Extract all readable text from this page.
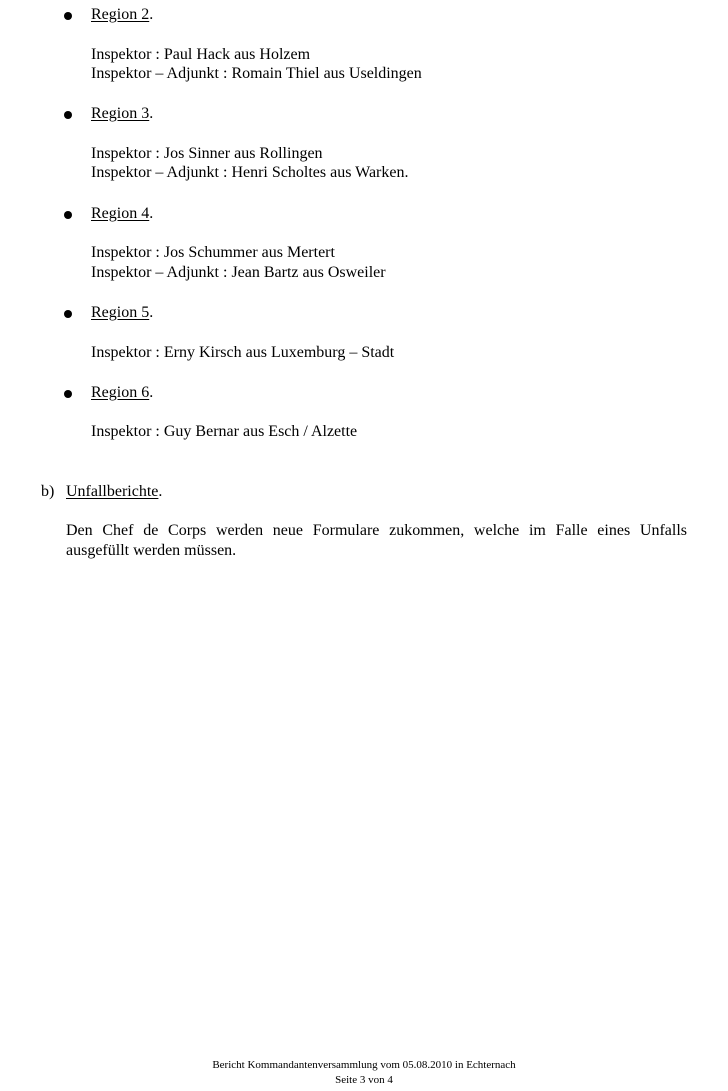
Region 2.
Inspektor : Paul Hack aus Holzem
Inspektor – Adjunkt : Romain Thiel aus Useldingen
Region 3.
Inspektor : Jos Sinner aus Rollingen
Inspektor – Adjunkt : Henri Scholtes aus Warken.
Region 4.
Inspektor : Jos Schummer aus Mertert
Inspektor – Adjunkt : Jean Bartz aus Osweiler
Region 5.
Inspektor : Erny Kirsch aus Luxemburg – Stadt
Region 6.
Inspektor : Guy Bernar aus Esch / Alzette
b) Unfallberichte.
Den Chef de Corps werden neue Formulare zukommen, welche im Falle eines Unfalls
ausgefüllt werden müssen.
Bericht Kommandantenversammlung vom 05.08.2010 in Echternach
Seite 3 von 4
